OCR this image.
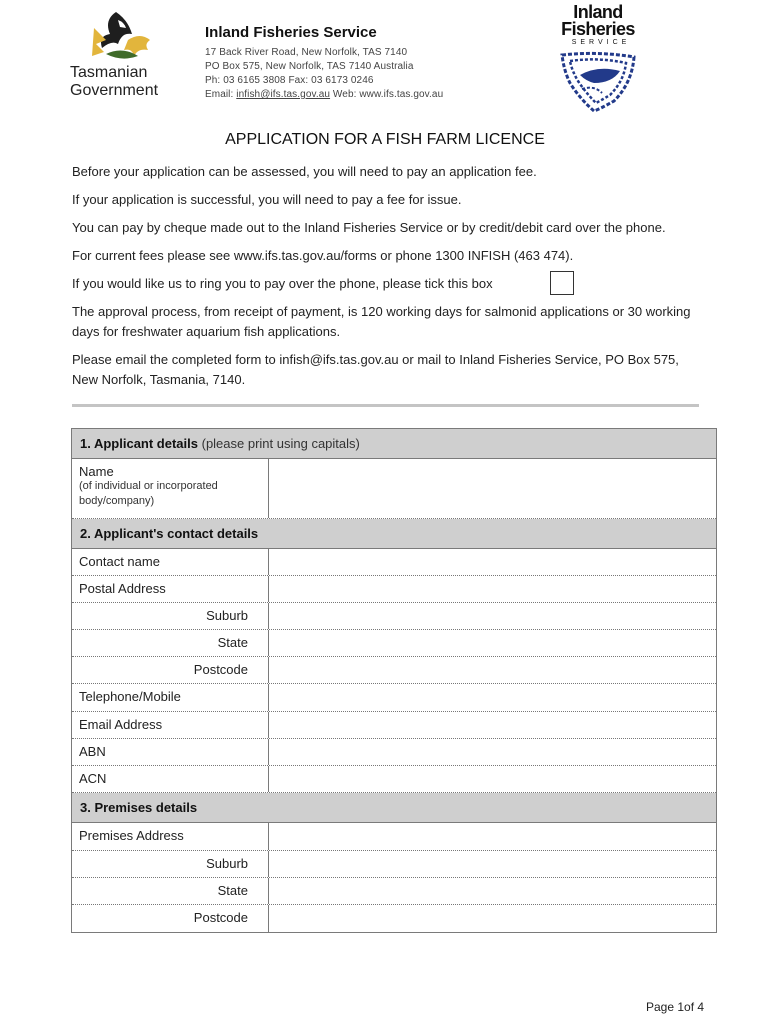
Tasmanian
Government
Inland Fisheries Service
17 Back River Road, New Norfolk, TAS 7140
PO Box 575, New Norfolk, TAS 7140 Australia
Ph: 03 6165 3808 Fax: 03 6173 0246
Email: infish@ifs.tas.gov.au Web: www.ifs.tas.gov.au
Inland
Fisheries
SERVICE
APPLICATION FOR A FISH FARM LICENCE

Before your application can be assessed, you will need to pay an application fee.

If your application is successful, you will need to pay a fee for issue.

You can pay by cheque made out to the Inland Fisheries Service or by credit/debit card over the phone.

For current fees please see www.ifs.tas.gov.au/forms or phone 1300 INFISH (463 474).

If you would like us to ring you to pay over the phone, please tick this box

The approval process, from receipt of payment, is 120 working days for salmonid applications or 30 working days for freshwater aquarium fish applications.

Please email the completed form to infish@ifs.tas.gov.au or mail to Inland Fisheries Service, PO Box 575, New Norfolk, Tasmania, 7140.

1. Applicant details (please print using capitals)
Name
(of individual or incorporated body/company)
2. Applicant's contact details
Contact name
Postal Address
Suburb
State
Postcode
Telephone/Mobile
Email Address
ABN
ACN
3. Premises details
Premises Address
Suburb
State
Postcode
Page 1of 4
